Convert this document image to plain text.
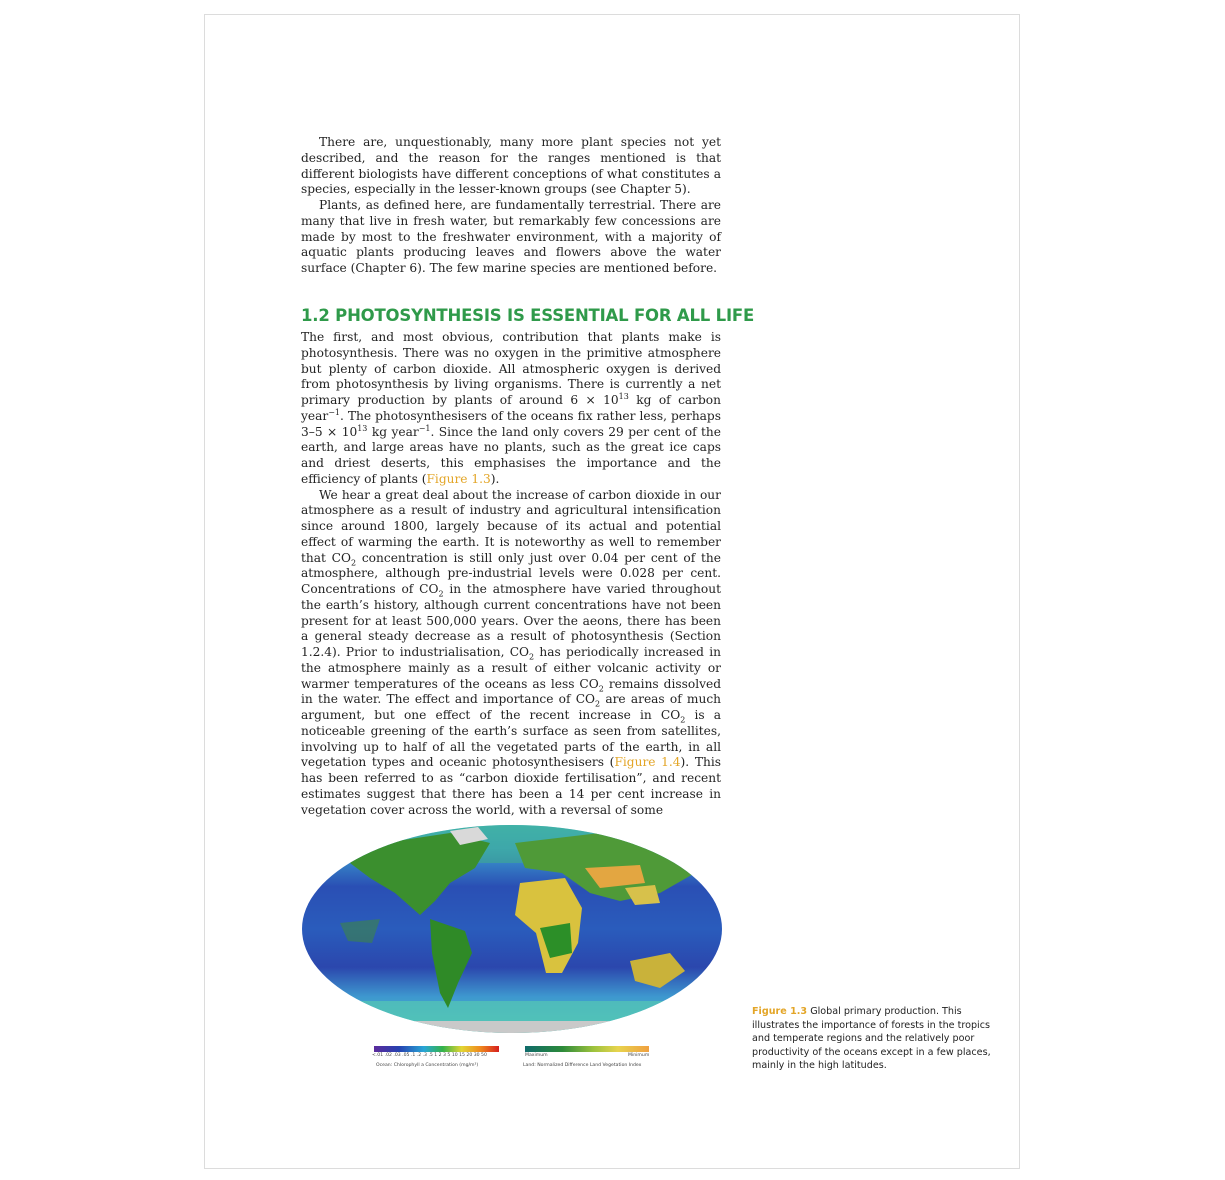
There are, unquestionably, many more plant species not yet described, and the reason for the ranges mentioned is that different biologists have different conceptions of what constitutes a species, especially in the lesser-known groups (see Chapter 5).

Plants, as defined here, are fundamentally terrestrial. There are many that live in fresh water, but remarkably few concessions are made by most to the freshwater environment, with a majority of aquatic plants producing leaves and flowers above the water surface (Chapter 6). The few marine species are mentioned before.

1.2 PHOTOSYNTHESIS IS ESSENTIAL FOR ALL LIFE

The first, and most obvious, contribution that plants make is photosynthesis. There was no oxygen in the primitive atmosphere but plenty of carbon dioxide. All atmospheric oxygen is derived from photosynthesis by living organisms. There is currently a net primary production by plants of around $6 \times 10^{13}$ kg of carbon year$^{-1}$. The photosynthesisers of the oceans fix rather less, perhaps $3-5 \times 10^{13}$ kg year$^{-1}$. Since the land only covers 29 per cent of the earth, and large areas have no plants, such as the great ice caps and driest deserts, this emphasises the importance and the efficiency of plants (Figure 1.3).

We hear a great deal about the increase of carbon dioxide in our atmosphere as a result of industry and agricultural intensification since around 1800, largely because of its actual and potential effect of warming the earth. It is noteworthy as well to remember that $CO_2$ concentration is still only just over 0.04 per cent of the atmosphere, although pre-industrial levels were 0.028 per cent. Concentrations of $CO_2$ in the atmosphere have varied throughout the earth’s history, although current concentrations have not been present for at least 500,000 years. Over the aeons, there has been a general steady decrease as a result of photosynthesis (Section 1.2.4). Prior to industrialisation, $CO_2$ has periodically increased in the atmosphere mainly as a result of either volcanic activity or warmer temperatures of the oceans as less $CO_2$ remains dissolved in the water. The effect and importance of $CO_2$ are areas of much argument, but one effect of the recent increase in $CO_2$ is a noticeable greening of the earth’s surface as seen from satellites, involving up to half of all the vegetated parts of the earth, in all vegetation types and oceanic photosynthesisers (Figure 1.4). This has been referred to as “carbon dioxide fertilisation”, and recent estimates suggest that there has been a 14 per cent increase in vegetation cover across the world, with a reversal of some

<.01 .02 .03 .05 .1 .2 .3 .5 1 2 3 5 10 15 20 30 50
Ocean: Chlorophyll a Concentration (mg/m³)
Maximum	Minimum
Land: Normalized Difference Land Vegetation Index
Figure 1.3 Global primary production. This illustrates the importance of forests in the tropics and temperate regions and the relatively poor productivity of the oceans except in a few places, mainly in the high latitudes.
